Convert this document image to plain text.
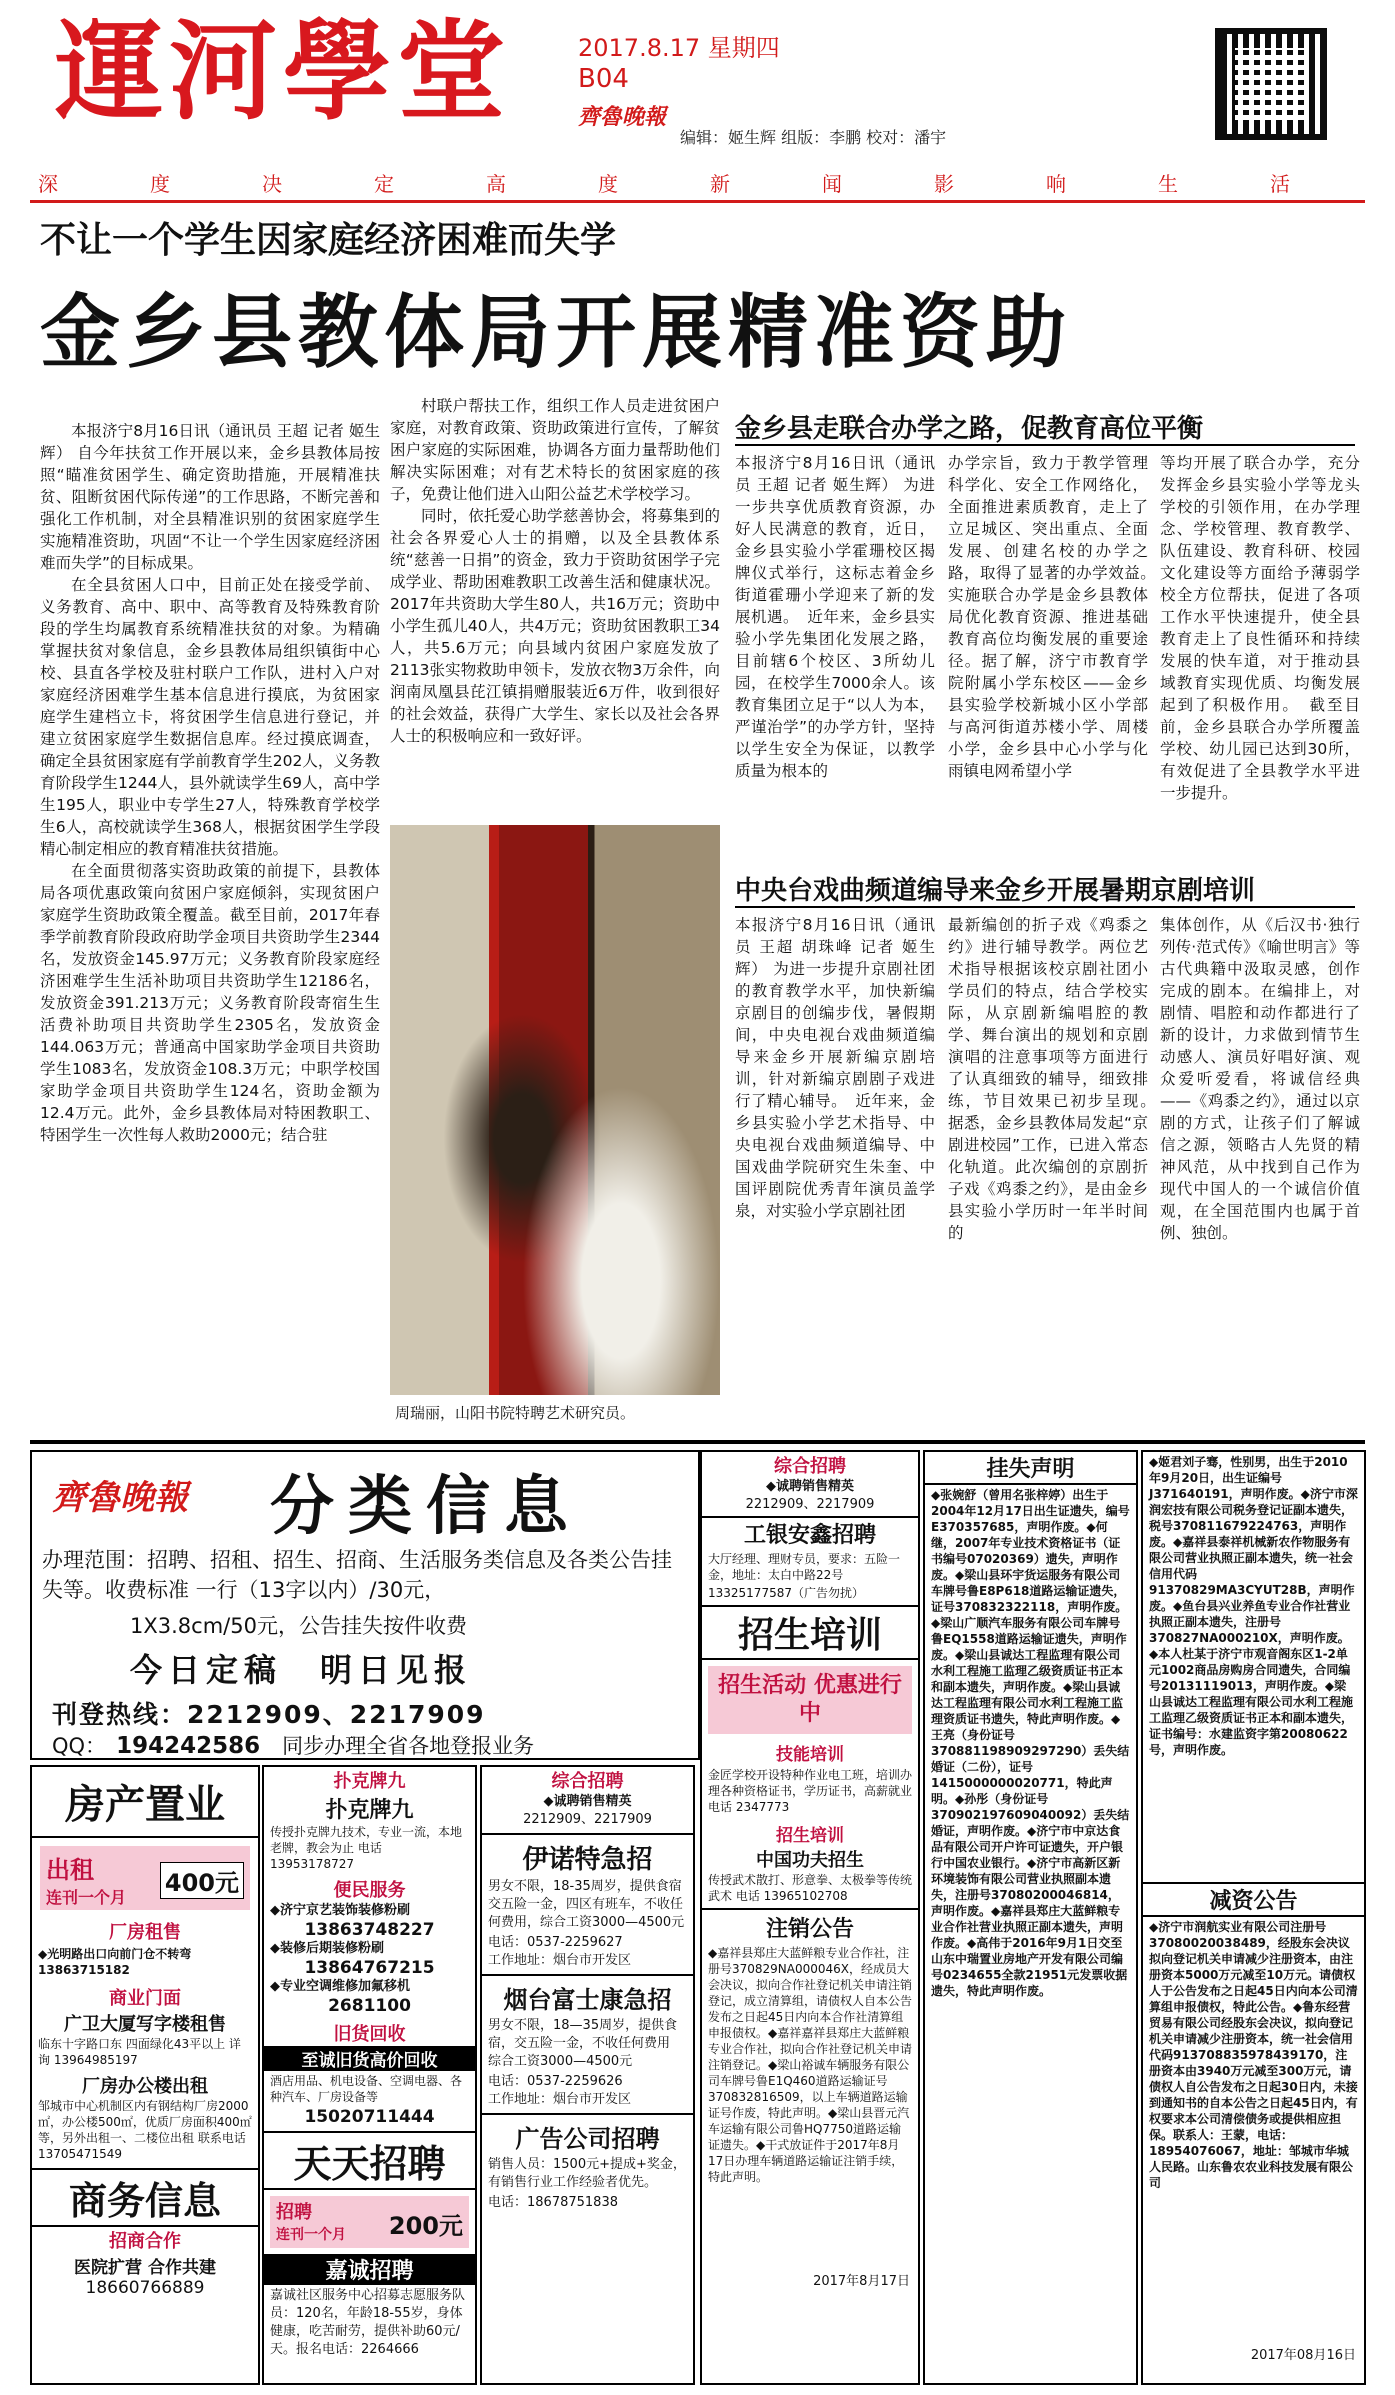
運河學堂	2017.8.17 星期四
B04
齊魯晚報
编辑：姬生辉 组版：李鹏 校对：潘宇
深	度	决	定	高	度	新	闻	影	响	生	活
不让一个学生因家庭经济困难而失学
金乡县教体局开展精准资助

本报济宁8月16日讯（通讯员 王超 记者 姬生辉） 自今年扶贫工作开展以来，金乡县教体局按照“瞄准贫困学生、确定资助措施，开展精准扶贫、阻断贫困代际传递”的工作思路，不断完善和强化工作机制，对全县精准识别的贫困家庭学生实施精准资助，巩固“不让一个学生因家庭经济困难而失学”的目标成果。

在全县贫困人口中，目前正处在接受学前、义务教育、高中、职中、高等教育及特殊教育阶段的学生均属教育系统精准扶贫的对象。为精确掌握扶贫对象信息，金乡县教体局组织镇街中心校、县直各学校及驻村联户工作队，进村入户对家庭经济困难学生基本信息进行摸底，为贫困家庭学生建档立卡，将贫困学生信息进行登记，并建立贫困家庭学生数据信息库。经过摸底调查，确定全县贫困家庭有学前教育学生202人，义务教育阶段学生1244人，县外就读学生69人，高中学生195人，职业中专学生27人，特殊教育学校学生6人，高校就读学生368人，根据贫困学生学段精心制定相应的教育精准扶贫措施。

在全面贯彻落实资助政策的前提下，县教体局各项优惠政策向贫困户家庭倾斜，实现贫困户家庭学生资助政策全覆盖。截至目前，2017年春季学前教育阶段政府助学金项目共资助学生2344名，发放资金145.97万元；义务教育阶段家庭经济困难学生生活补助项目共资助学生12186名，发放资金391.213万元；义务教育阶段寄宿生生活费补助项目共资助学生2305名，发放资金144.063万元；普通高中国家助学金项目共资助学生1083名，发放资金108.3万元；中职学校国家助学金项目共资助学生124名，资助金额为12.4万元。此外，金乡县教体局对特困教职工、特困学生一次性每人救助2000元；结合驻

村联户帮扶工作，组织工作人员走进贫困户家庭，对教育政策、资助政策进行宣传，了解贫困户家庭的实际困难，协调各方面力量帮助他们解决实际困难；对有艺术特长的贫困家庭的孩子，免费让他们进入山阳公益艺术学校学习。

同时，依托爱心助学慈善协会，将募集到的社会各界爱心人士的捐赠，以及全县教体系统“慈善一日捐”的资金，致力于资助贫困学子完成学业、帮助困难教职工改善生活和健康状况。2017年共资助大学生80人，共16万元；资助中小学生孤儿40人，共4万元；资助贫困教职工34人，共5.6万元；向县域内贫困户家庭发放了2113张实物救助申领卡，发放衣物3万余件，向润南凤凰县芘江镇捐赠服装近6万件，收到很好的社会效益，获得广大学生、家长以及社会各界人士的积极响应和一致好评。

周瑞丽，山阳书院特聘艺术研究员。
金乡县走联合办学之路，促教育高位平衡
本报济宁8月16日讯（通讯员 王超 记者 姬生辉） 为进一步共享优质教育资源，办好人民满意的教育，近日，金乡县实验小学霍珊校区揭牌仪式举行，这标志着金乡街道霍珊小学迎来了新的发展机遇。　近年来，金乡县实验小学先集团化发展之路，目前辖6个校区、3所幼儿园，在校学生7000余人。该教育集团立足于“以人为本，严谨治学”的办学方针，坚持以学生安全为保证，以教学质量为根本的
办学宗旨，致力于教学管理科学化、安全工作网络化，全面推进素质教育，走上了立足城区、突出重点、全面发展、创建名校的办学之路，取得了显著的办学效益。　实施联合办学是金乡县教体局优化教育资源、推进基础教育高位均衡发展的重要途径。据了解，济宁市教育学院附属小学东校区——金乡县实验学校新城小区小学部与高河街道苏楼小学、周楼小学，金乡县中心小学与化雨镇电网希望小学
等均开展了联合办学，充分发挥金乡县实验小学等龙头学校的引领作用，在办学理念、学校管理、教育教学、队伍建设、教育科研、校园文化建设等方面给予薄弱学校全方位帮扶，促进了各项工作水平快速提升，使全县教育走上了良性循环和持续发展的快车道，对于推动县域教育实现优质、均衡发展起到了积极作用。　截至目前，金乡县联合办学所覆盖学校、幼儿园已达到30所，有效促进了全县教学水平进一步提升。
中央台戏曲频道编导来金乡开展暑期京剧培训
本报济宁8月16日讯（通讯员 王超 胡珠峰 记者 姬生辉） 为进一步提升京剧社团的教育教学水平，加快新编京剧目的创编步伐，暑假期间，中央电视台戏曲频道编导来金乡开展新编京剧培训，针对新编京剧剧子戏进行了精心辅导。　近年来，金乡县实验小学艺术指导、中央电视台戏曲频道编导、中国戏曲学院研究生朱奎、中国评剧院优秀青年演员盖学泉，对实验小学京剧社团
最新编创的折子戏《鸡黍之约》进行辅导教学。两位艺术指导根据该校京剧社团小学员们的特点，结合学校实际，从京剧新编唱腔的教学、舞台演出的规划和京剧演唱的注意事项等方面进行了认真细致的辅导，细致排练，节目效果已初步呈现。　据悉，金乡县教体局发起“京剧进校园”工作，已进入常态化轨道。此次编创的京剧折子戏《鸡黍之约》，是由金乡县实验小学历时一年半时间的
集体创作，从《后汉书·独行列传·范式传》《喻世明言》等古代典籍中汲取灵感，创作完成的剧本。在编排上，对剧情、唱腔和动作都进行了新的设计，力求做到情节生动感人、演员好唱好演、观众爱听爱看，将诚信经典——《鸡黍之约》，通过以京剧的方式，让孩子们了解诚信之源，领略古人先贤的精神风范，从中找到自己作为现代中国人的一个诚信价值观，在全国范围内也属于首例、独创。
齊魯晚報 分类信息
办理范围：招聘、招租、招生、招商、生活服务类信息及各类公告挂失等。收费标准 一行（13字以内）/30元，
1X3.8cm/50元，公告挂失按件收费
今日定稿　明日见报
刊登热线：2212909、2217909
QQ： 194242586 同步办理全省各地登报业务
房产置业
出租
连刊一个月
400元
厂房租售
◆光明路出口向前门仓不转弯 13863715182
商业门面
广卫大厦写字楼租售
临东十字路口东 四面绿化43平以上 详询 13964985197
厂房办公楼出租
邹城市中心机制区内有钢结构厂房2000㎡，办公楼500㎡，优质厂房面积400㎡等，另外出租一、二楼位出租 联系电话 13705471549
商务信息
招商合作
医院扩营 合作共建
18660766889
扑克牌九
扑克牌九
传授扑克牌九技术，专业一流，本地老牌，教会为止 电话 13953178727
便民服务
◆济宁京艺装饰装修粉刷
13863748227
◆装修后期装修粉刷
13864767215
◆专业空调维修加氟移机
2681100
旧货回收
至诚旧货高价回收
酒店用品、机电设备、空调电器、各种汽车、厂房设备等
15020711444
天天招聘
招聘
连刊一个月	200元
嘉诚招聘
嘉诚社区服务中心招募志愿服务队员：120名，年龄18-55岁，身体健康，吃苦耐劳，提供补助60元/天。报名电话：2264666
综合招聘
◆诚聘销售精英
2212909、2217909
伊诺特急招
男女不限，18-35周岁，提供食宿 交五险一金，四区有班车，不收任何费用，综合工资3000—4500元
电话：0537-2259627
工作地址：烟台市开发区
烟台富士康急招
男女不限，18—35周岁，提供食宿，交五险一金，不收任何费用 综合工资3000—4500元
电话：0537-2259626
工作地址：烟台市开发区
广告公司招聘
销售人员：1500元+提成+奖金，有销售行业工作经验者优先。
电话：18678751838
综合招聘
◆诚聘销售精英
2212909、2217909
工银安鑫招聘
大厅经理、理财专员，要求：五险一金，地址：太白中路22号
13325177587（广告勿扰）
招生培训
招生活动 优惠进行中
技能培训
金匠学校开设特种作业电工班，培训办理各种资格证书，学历证书，高薪就业 电话 2347773
招生培训
中国功夫招生
传授武术散打、形意拳、太极拳等传统武术 电话 13965102708
注销公告
◆嘉祥县郑庄大蓝鲜粮专业合作社，注册号370829NA000046X，经成员大会决议，拟向合作社登记机关申请注销登记，成立清算组，请债权人自本公告发布之日起45日内向本合作社清算组申报债权。◆嘉祥嘉祥县郑庄大蓝鲜粮专业合作社，拟向合作社登记机关申请注销登记。◆梁山裕诚车辆服务有限公司车牌号鲁E1Q460道路运输证号370832816509，以上车辆道路运输证号作废，特此声明。◆梁山县晋元汽车运输有限公司鲁HQ7750道路运输证遗失。◆干式放证件于2017年8月17日办理车辆道路运输证注销手续，特此声明。
2017年8月17日
挂失声明
◆张婉舒（曾用名张梓婷）出生于2004年12月17日出生证遗失，编号E370357685，声明作废。◆何继，2007年专业技术资格证书（证书编号07020369）遗失，声明作废。◆梁山县环宇货运服务有限公司车牌号鲁E8P618道路运输证遗失，证号370832322118，声明作废。◆梁山广顺汽车服务有限公司车牌号鲁EQ1558道路运输证遗失，声明作废。◆梁山县诚达工程监理有限公司水利工程施工监理乙级资质证书正本和副本遗失，声明作废。◆梁山县诚达工程监理有限公司水利工程施工监理资质证书遗失，特此声明作废。◆王亮（身份证号370881198909297290）丢失结婚证（二份），证号1415000000020771，特此声明。◆孙彤（身份证号370902197609040092）丢失结婚证，声明作废。◆济宁市中京达食品有限公司开户许可证遗失，开户银行中国农业银行。◆济宁市高新区新环境装饰有限公司营业执照副本遗失，注册号37080200046814，声明作废。◆嘉祥县郑庄大蓝鲜粮专业合作社营业执照正副本遗失，声明作废。◆高伟于2016年9月1日交至山东中瑞置业房地产开发有限公司编号0234655全款21951元发票收据遗失，特此声明作废。
◆姬君刘子骞，性别男，出生于2010年9月20日，出生证编号J371640191，声明作废。◆济宁市深润宏技有限公司税务登记证副本遗失，税号370811679224763，声明作废。◆嘉祥县泰祥机械新农作物服务有限公司营业执照正副本遗失，统一社会信用代码91370829MA3CYUT28B，声明作废。◆鱼台县兴业养鱼专业合作社营业执照正副本遗失，注册号370827NA000210X，声明作废。◆本人杜某于济宁市观音阁东区1-2单元1002商品房购房合同遗失，合同编号20131119013，声明作废。◆梁山县诚达工程监理有限公司水利工程施工监理乙级资质证书正本和副本遗失，证书编号：水建监资字第20080622号，声明作废。
减资公告
◆济宁市润航实业有限公司注册号37080020038489，经股东会决议拟向登记机关申请减少注册资本，由注册资本5000万元减至10万元。请债权人于公告发布之日起45日内向本公司清算组申报债权，特此公告。◆鲁东经营贸易有限公司经股东会决议，拟向登记机关申请减少注册资本，统一社会信用代码913708835978439170，注册资本由3940万元减至300万元，请债权人自公告发布之日起30日内，未接到通知书的自本公告之日起45日内，有权要求本公司清偿债务或提供相应担保。联系人：王蒙，电话：18954076067，地址：邹城市华城人民路。山东鲁农农业科技发展有限公司
2017年08月16日
